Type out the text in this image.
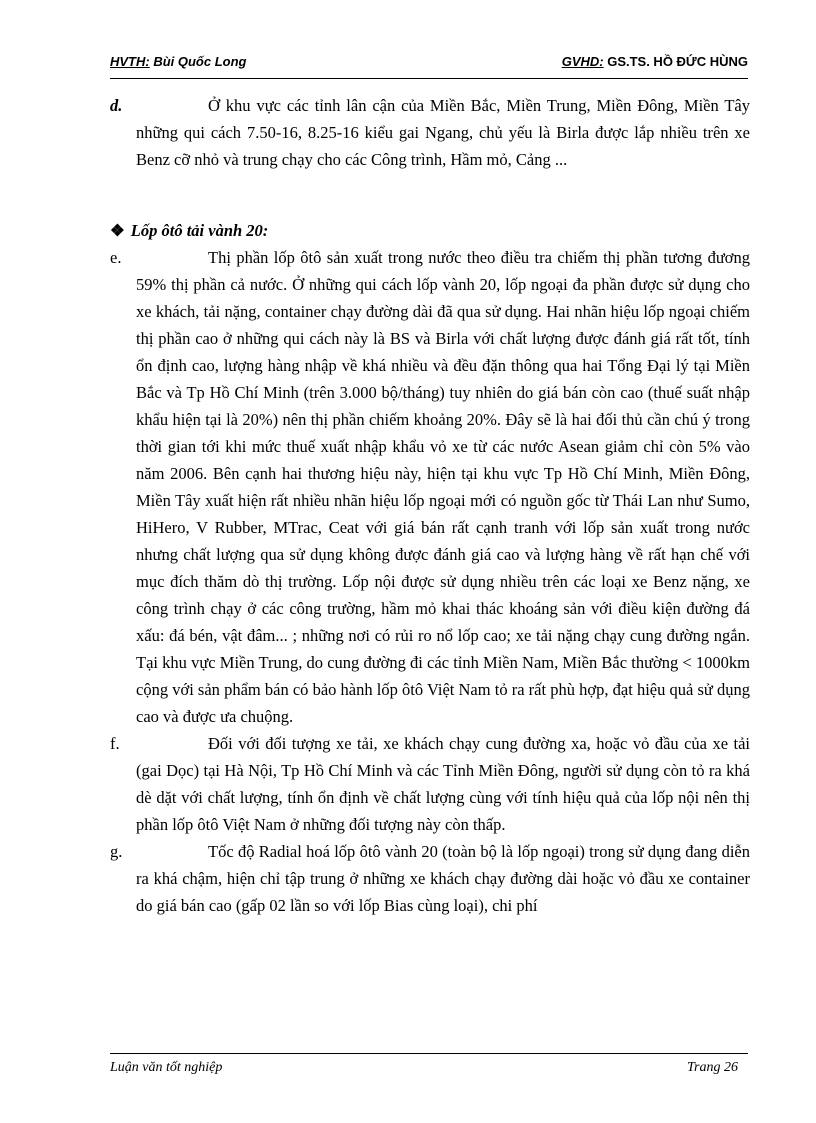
HVTH: Bùi Quốc Long	GVHD: GS.TS. HỒ ĐỨC HÙNG

d.	Ở khu vực các tỉnh lân cận của Miền Bắc, Miền Trung, Miền Đông, Miền Tây những qui cách 7.50-16, 8.25-16 kiểu gai Ngang, chủ yếu là Birla được lắp nhiều trên xe Benz cỡ nhỏ và trung chạy cho các Công trình, Hầm mỏ, Cảng ...

❖ Lốp ôtô tải vành 20:

e.	Thị phần lốp ôtô sản xuất trong nước theo điều tra chiếm thị phần tương đương 59% thị phần cả nước. Ở những qui cách lốp vành 20, lốp ngoại đa phần được sử dụng cho xe khách, tải nặng, container chạy đường dài đã qua sử dụng. Hai nhãn hiệu lốp ngoại chiếm thị phần cao ở những qui cách này là BS và Birla với chất lượng được đánh giá rất tốt, tính ổn định cao, lượng hàng nhập về khá nhiều và đều đặn thông qua hai Tổng Đại lý tại Miền Bắc và Tp Hồ Chí Minh (trên 3.000 bộ/tháng) tuy nhiên do giá bán còn cao (thuế suất nhập khẩu hiện tại là 20%) nên thị phần chiếm khoảng 20%. Đây sẽ là hai đối thủ cần chú ý trong thời gian tới khi mức thuế xuất nhập khẩu vỏ xe từ các nước Asean giảm chỉ còn 5% vào năm 2006. Bên cạnh hai thương hiệu này, hiện tại khu vực Tp Hồ Chí Minh, Miền Đông, Miền Tây xuất hiện rất nhiều nhãn hiệu lốp ngoại mới có nguồn gốc từ Thái Lan như Sumo, HiHero, V Rubber, MTrac, Ceat với giá bán rất cạnh tranh với lốp sản xuất trong nước nhưng chất lượng qua sử dụng không được đánh giá cao và lượng hàng về rất hạn chế với mục đích thăm dò thị trường. Lốp nội được sử dụng nhiều trên các loại xe Benz nặng, xe công trình chạy ở các công trường, hầm mỏ khai thác khoáng sản với điều kiện đường đá xấu: đá bén, vật đâm... ; những nơi có rủi ro nổ lốp cao; xe tải nặng chạy cung đường ngắn. Tại khu vực Miền Trung, do cung đường đi các tỉnh Miền Nam, Miền Bắc thường < 1000km cộng với sản phẩm bán có bảo hành lốp ôtô Việt Nam tỏ ra rất phù hợp, đạt hiệu quả sử dụng cao và được ưa chuộng.

f.	Đối với đối tượng xe tải, xe khách chạy cung đường xa, hoặc vỏ đầu của xe tải (gai Dọc) tại Hà Nội, Tp Hồ Chí Minh và các Tỉnh Miền Đông, người sử dụng còn tỏ ra khá dè dặt với chất lượng, tính ổn định về chất lượng cùng với tính hiệu quả của lốp nội nên thị phần lốp ôtô Việt Nam ở những đối tượng này còn thấp.

g.	Tốc độ Radial hoá lốp ôtô vành 20 (toàn bộ là lốp ngoại) trong sử dụng đang diễn ra khá chậm, hiện chỉ tập trung ở những xe khách chạy đường dài hoặc vỏ đầu xe container do giá bán cao (gấp 02 lần so với lốp Bias cùng loại), chi phí

Luận văn tốt nghiệp	Trang 26
